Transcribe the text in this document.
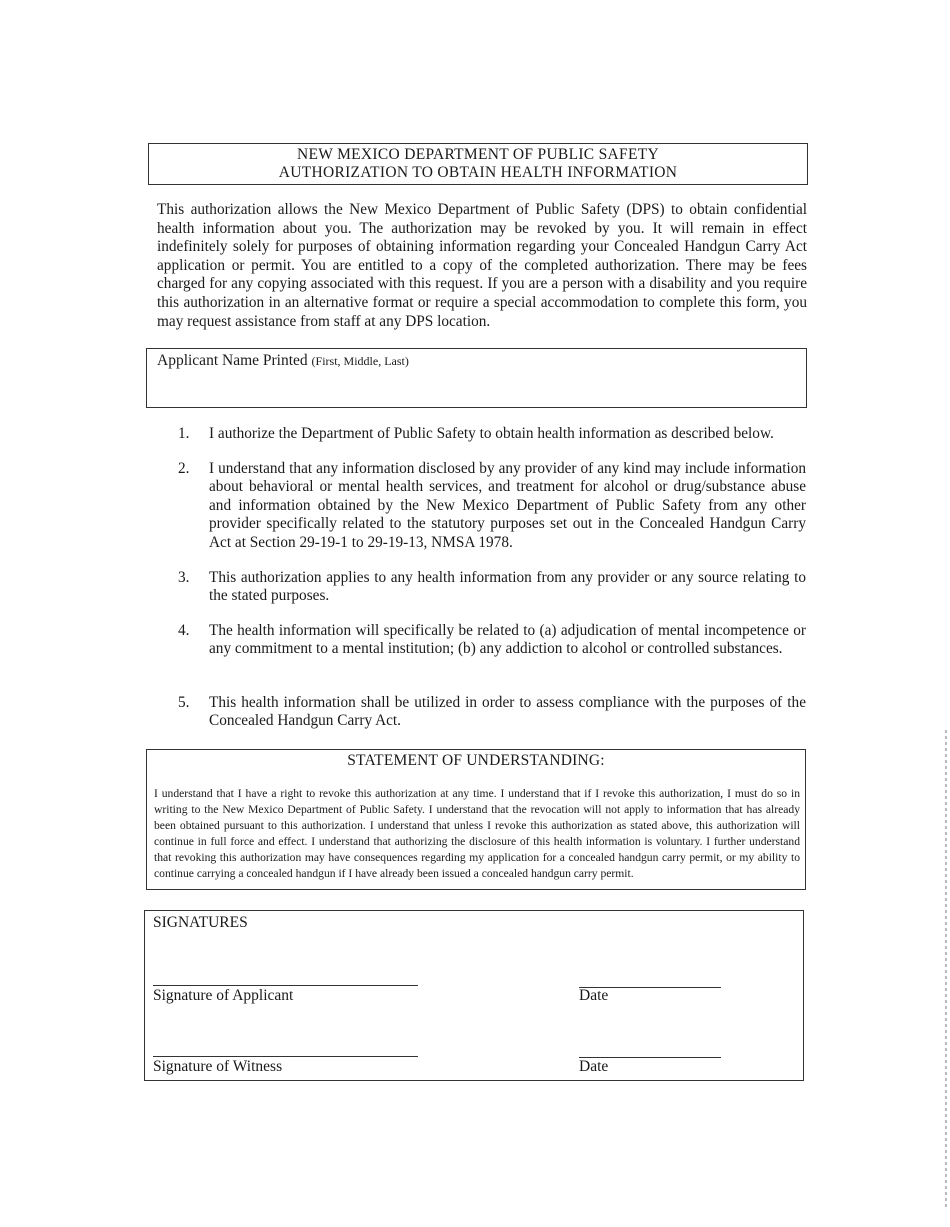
NEW MEXICO DEPARTMENT OF PUBLIC SAFETY
AUTHORIZATION TO OBTAIN HEALTH INFORMATION
This authorization allows the New Mexico Department of Public Safety (DPS) to obtain confidential health information about you. The authorization may be revoked by you. It will remain in effect indefinitely solely for purposes of obtaining information regarding your Concealed Handgun Carry Act application or permit. You are entitled to a copy of the completed authorization. There may be fees charged for any copying associated with this request. If you are a person with a disability and you require this authorization in an alternative format or require a special accommodation to complete this form, you may request assistance from staff at any DPS location.
Applicant Name Printed (First, Middle, Last)
1.	I authorize the Department of Public Safety to obtain health information as described below.
2.	I understand that any information disclosed by any provider of any kind may include information about behavioral or mental health services, and treatment for alcohol or drug/substance abuse and information obtained by the New Mexico Department of Public Safety from any other provider specifically related to the statutory purposes set out in the Concealed Handgun Carry Act at Section 29-19-1 to 29-19-13, NMSA 1978.
3.	This authorization applies to any health information from any provider or any source relating to the stated purposes.
4.	The health information will specifically be related to (a) adjudication of mental incompetence or any commitment to a mental institution; (b) any addiction to alcohol or controlled substances.
5.	This health information shall be utilized in order to assess compliance with the purposes of the Concealed Handgun Carry Act.
STATEMENT OF UNDERSTANDING:
I understand that I have a right to revoke this authorization at any time. I understand that if I revoke this authorization, I must do so in writing to the New Mexico Department of Public Safety. I understand that the revocation will not apply to information that has already been obtained pursuant to this authorization. I understand that unless I revoke this authorization as stated above, this authorization will continue in full force and effect. I understand that authorizing the disclosure of this health information is voluntary. I further understand that revoking this authorization may have consequences regarding my application for a concealed handgun carry permit, or my ability to continue carrying a concealed handgun if I have already been issued a concealed handgun carry permit.
SIGNATURES
Signature of Applicant	Date
Signature of Witness	Date
